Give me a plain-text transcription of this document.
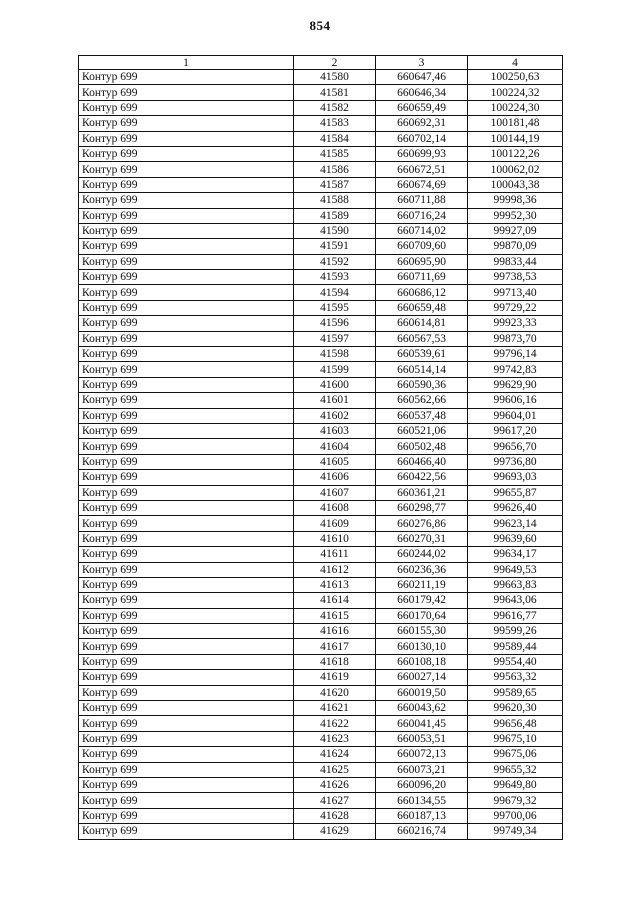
854
1	2	3	4
Контур 699	41580	660647,46	100250,63
Контур 699	41581	660646,34	100224,32
Контур 699	41582	660659,49	100224,30
Контур 699	41583	660692,31	100181,48
Контур 699	41584	660702,14	100144,19
Контур 699	41585	660699,93	100122,26
Контур 699	41586	660672,51	100062,02
Контур 699	41587	660674,69	100043,38
Контур 699	41588	660711,88	99998,36
Контур 699	41589	660716,24	99952,30
Контур 699	41590	660714,02	99927,09
Контур 699	41591	660709,60	99870,09
Контур 699	41592	660695,90	99833,44
Контур 699	41593	660711,69	99738,53
Контур 699	41594	660686,12	99713,40
Контур 699	41595	660659,48	99729,22
Контур 699	41596	660614,81	99923,33
Контур 699	41597	660567,53	99873,70
Контур 699	41598	660539,61	99796,14
Контур 699	41599	660514,14	99742,83
Контур 699	41600	660590,36	99629,90
Контур 699	41601	660562,66	99606,16
Контур 699	41602	660537,48	99604,01
Контур 699	41603	660521,06	99617,20
Контур 699	41604	660502,48	99656,70
Контур 699	41605	660466,40	99736,80
Контур 699	41606	660422,56	99693,03
Контур 699	41607	660361,21	99655,87
Контур 699	41608	660298,77	99626,40
Контур 699	41609	660276,86	99623,14
Контур 699	41610	660270,31	99639,60
Контур 699	41611	660244,02	99634,17
Контур 699	41612	660236,36	99649,53
Контур 699	41613	660211,19	99663,83
Контур 699	41614	660179,42	99643,06
Контур 699	41615	660170,64	99616,77
Контур 699	41616	660155,30	99599,26
Контур 699	41617	660130,10	99589,44
Контур 699	41618	660108,18	99554,40
Контур 699	41619	660027,14	99563,32
Контур 699	41620	660019,50	99589,65
Контур 699	41621	660043,62	99620,30
Контур 699	41622	660041,45	99656,48
Контур 699	41623	660053,51	99675,10
Контур 699	41624	660072,13	99675,06
Контур 699	41625	660073,21	99655,32
Контур 699	41626	660096,20	99649,80
Контур 699	41627	660134,55	99679,32
Контур 699	41628	660187,13	99700,06
Контур 699	41629	660216,74	99749,34
